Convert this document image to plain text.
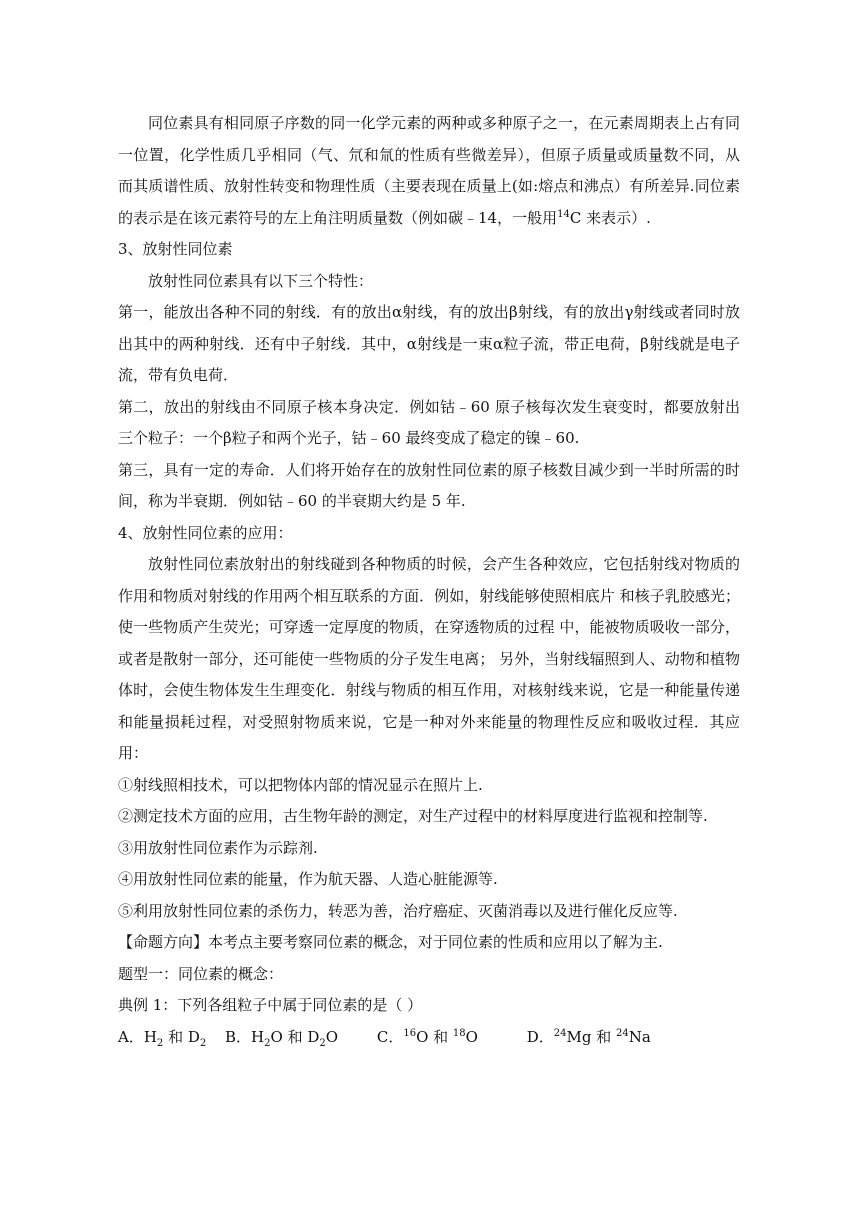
同位素具有相同原子序数的同一化学元素的两种或多种原子之一，在元素周期表上占有同一位置，化学性质几乎相同（气、氘和氚的性质有些微差异），但原子质量或质量数不同，从而其质谱性质、放射性转变和物理性质（主要表现在质量上(如:熔点和沸点）有所差异.同位素的表示是在该元素符号的左上角注明质量数（例如碳﹣14，一般用$^{14}$C 来表示）.

3、放射性同位素

放射性同位素具有以下三个特性：

第一，能放出各种不同的射线．有的放出α射线，有的放出β射线，有的放出γ射线或者同时放出其中的两种射线．还有中子射线．其中，α射线是一束α粒子流，带正电荷，β射线就是电子流，带有负电荷．

第二，放出的射线由不同原子核本身决定．例如钴﹣60 原子核每次发生衰变时，都要放射出三个粒子：一个β粒子和两个光子，钴﹣60 最终变成了稳定的镍﹣60.

第三，具有一定的寿命．人们将开始存在的放射性同位素的原子核数目减少到一半时所需的时间，称为半衰期．例如钴﹣60 的半衰期大约是 5 年.

4、放射性同位素的应用：

放射性同位素放射出的射线碰到各种物质的时候，会产生各种效应，它包括射线对物质的作用和物质对射线的作用两个相互联系的方面．例如，射线能够使照相底片 和核子乳胶感光；使一些物质产生荧光；可穿透一定厚度的物质，在穿透物质的过程 中，能被物质吸收一部分，或者是散射一部分，还可能使一些物质的分子发生电离； 另外，当射线辐照到人、动物和植物体时，会使生物体发生生理变化．射线与物质的相互作用，对核射线来说，它是一种能量传递和能量损耗过程，对受照射物质来说，它是一种对外来能量的物理性反应和吸收过程．其应用：

①射线照相技术，可以把物体内部的情况显示在照片上.

②测定技术方面的应用，古生物年龄的测定，对生产过程中的材料厚度进行监视和控制等.

③用放射性同位素作为示踪剂.

④用放射性同位素的能量，作为航天器、人造心脏能源等.

⑤利用放射性同位素的杀伤力，转恶为善，治疗癌症、灭菌消毒以及进行催化反应等.

【命题方向】本考点主要考察同位素的概念，对于同位素的性质和应用以了解为主.

题型一：同位素的概念：

典例 1：下列各组粒子中属于同位素的是（ ）

A．$H_2$ 和 $D_2$ B．$H_2O$ 和 $D_2O$	C．$^{16}$O 和 $^{18}$O	D．$^{24}$Mg 和 $^{24}$Na
